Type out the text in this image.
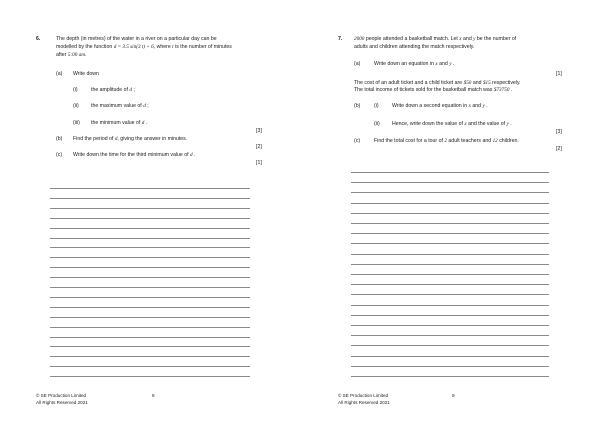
6.	The depth (in metres) of the water in a river on a particular day can be
modelled by the function d = 3.5 sin(3 t) + 6, where t is the number of minutes
after 5:00 am.
(a) Write down
(i)	the amplitude of d ;
(ii) the maximum value of d ;
(iii) the minimum value of d .
[3]
(b) Find the period of d, giving the answer in minutes.
[2]
(c) Write down the time for the third minimum value of d .
[1]
© SE Production Limited
All Rights Reserved 2021
8
7. 2000 people attended a basketball match. Let x and y be the number of
adults and children attending the match respectively.
(a)	Write down an equation in x and y .
[1]
The cost of an adult ticket and a child ticket are $50 and $15 respectively.
The total income of tickets sold for the basketball match was $73750 .
(b)	(i)	Write down a second equation in x and y .
(ii) Hence, write down the value of x and the value of y .
[3]
(c)	Find the total cost for a tour of 2 adult teachers and 12 children.
[2]
© SE Production Limited
All Rights Reserved 2021
9
